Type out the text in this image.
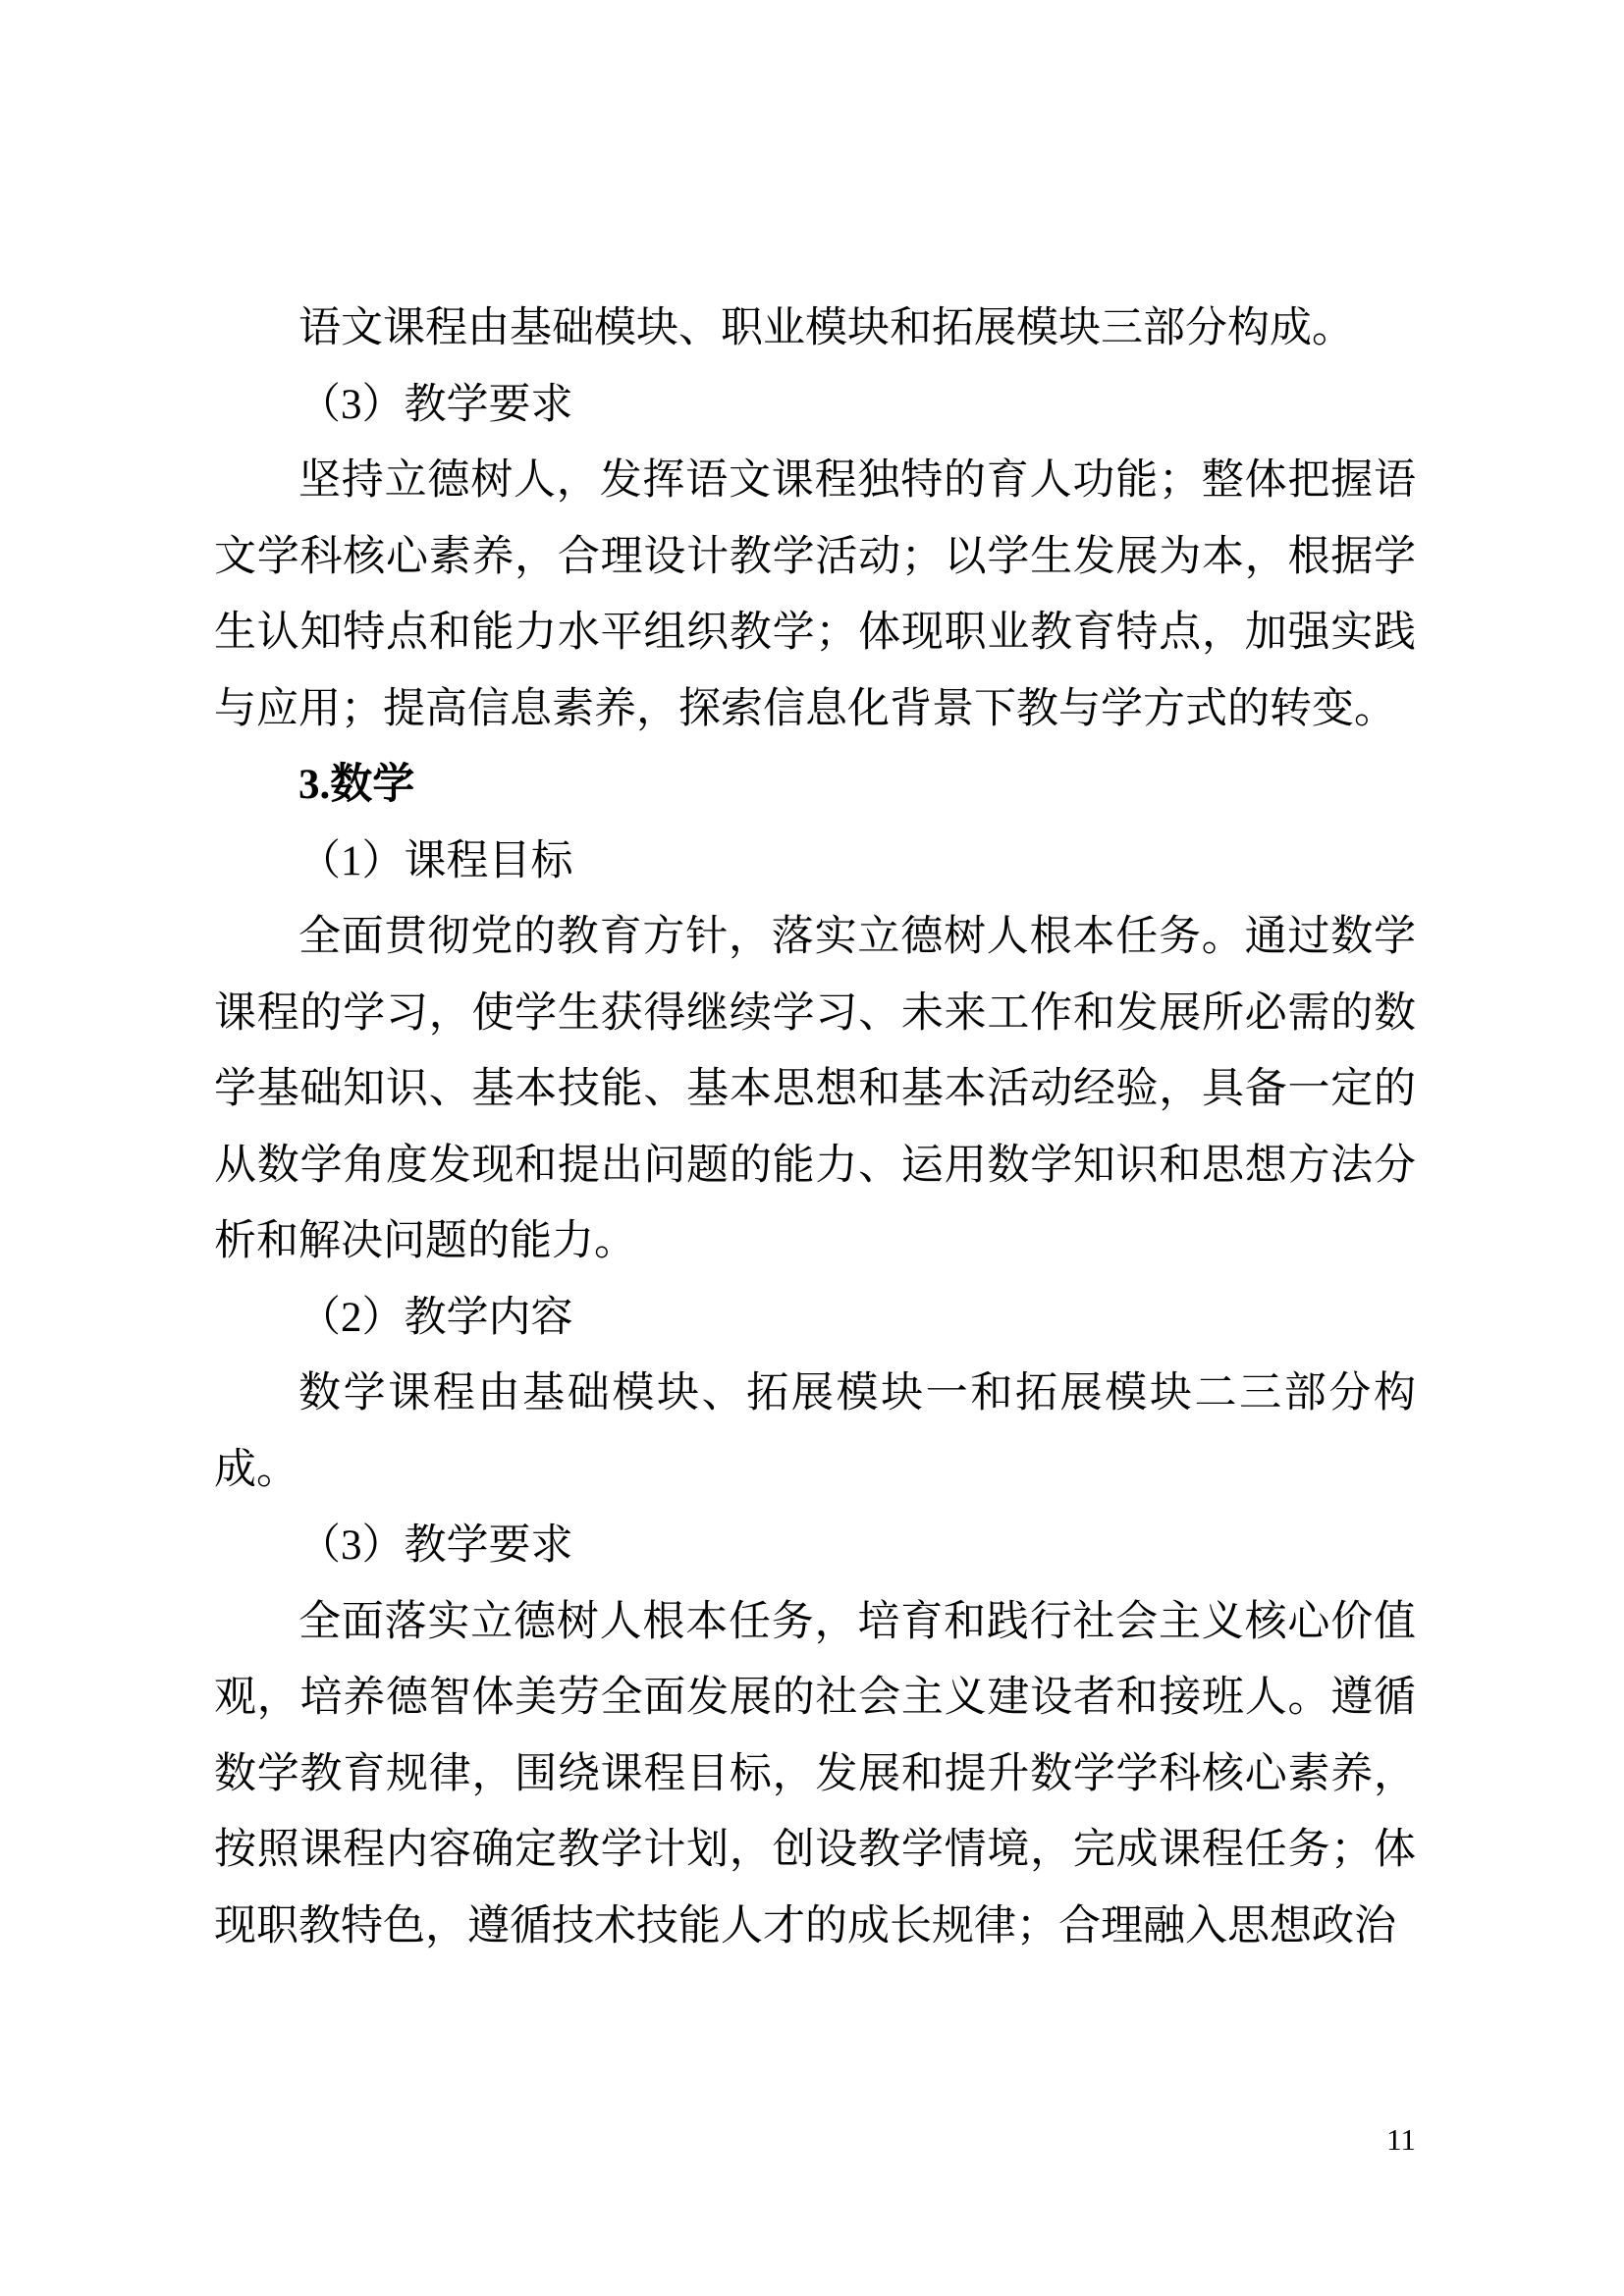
语文课程由基础模块、职业模块和拓展模块三部分构成。

（3）教学要求

坚持立德树人，发挥语文课程独特的育人功能；整体把握语文学科核心素养，合理设计教学活动；以学生发展为本，根据学生认知特点和能力水平组织教学；体现职业教育特点，加强实践与应用；提高信息素养，探索信息化背景下教与学方式的转变。

3.数学

（1）课程目标

全面贯彻党的教育方针，落实立德树人根本任务。通过数学课程的学习，使学生获得继续学习、未来工作和发展所必需的数学基础知识、基本技能、基本思想和基本活动经验，具备一定的从数学角度发现和提出问题的能力、运用数学知识和思想方法分析和解决问题的能力。

（2）教学内容

数学课程由基础模块、拓展模块一和拓展模块二三部分构成。

（3）教学要求

全面落实立德树人根本任务，培育和践行社会主义核心价值观，培养德智体美劳全面发展的社会主义建设者和接班人。遵循数学教育规律，围绕课程目标，发展和提升数学学科核心素养，按照课程内容确定教学计划，创设教学情境，完成课程任务；体现职教特色，遵循技术技能人才的成长规律；合理融入思想政治

11
